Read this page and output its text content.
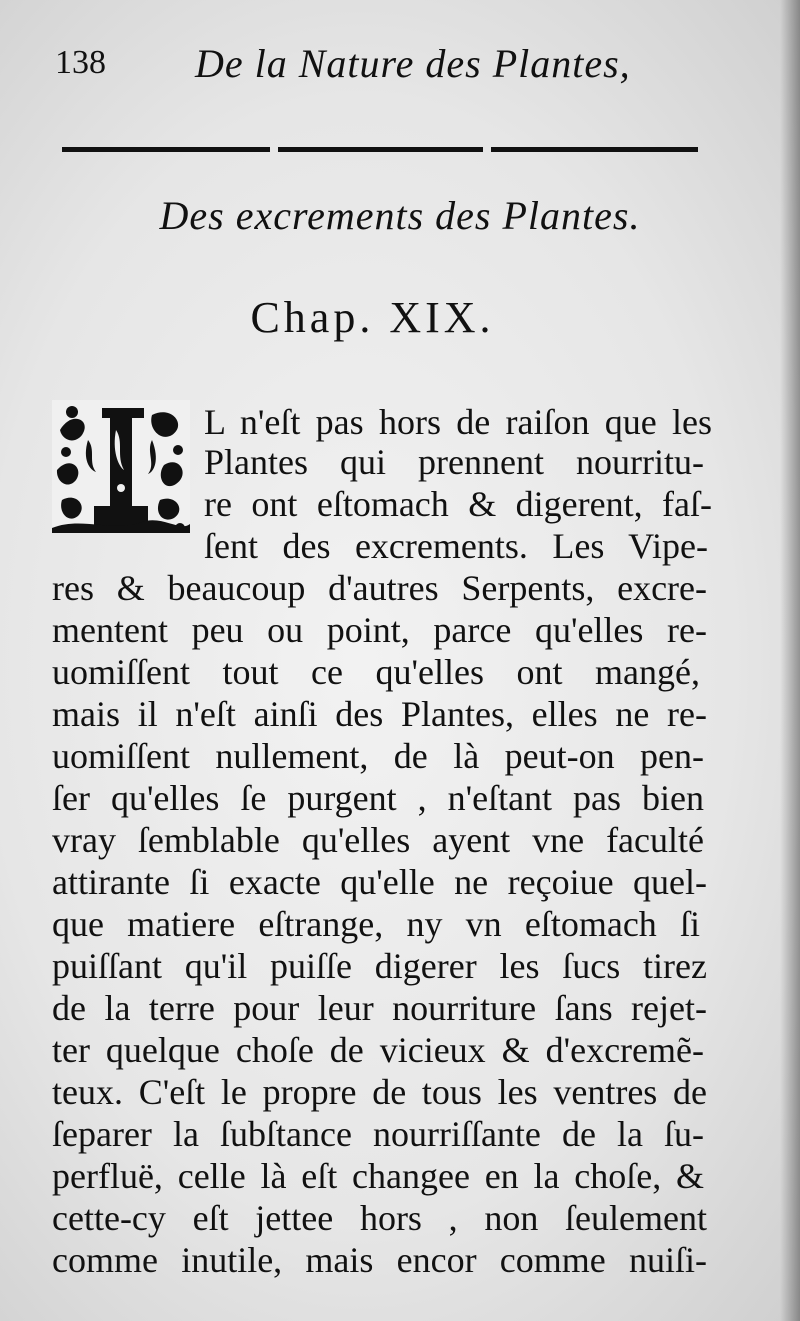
138 De la Nature des Plantes,
Des excrements des Plantes.
Chap. XIX.
L n'eſt pas hors de raiſon que les
Plantes qui prennent nourritu-
re ont eſtomach & digerent, faſ-
ſent des excrements. Les Vipe-
res & beaucoup d'autres Serpents, excre-
mentent peu ou point, parce qu'elles re-
uomiſſent tout ce qu'elles ont mangé,
mais il n'eſt ainſi des Plantes, elles ne re-
uomiſſent nullement, de là peut-on pen-
ſer qu'elles ſe purgent , n'eſtant pas bien
vray ſemblable qu'elles ayent vne faculté
attirante ſi exacte qu'elle ne reçoiue quel-
que matiere eſtrange, ny vn eſtomach ſi
puiſſant qu'il puiſſe digerer les ſucs tirez
de la terre pour leur nourriture ſans rejet-
ter quelque choſe de vicieux & d'excremẽ-
teux. C'eſt le propre de tous les ventres de
ſeparer la ſubſtance nourriſſante de la ſu-
perfluë, celle là eſt changee en la choſe, &
cette-cy eſt jettee hors , non ſeulement
comme inutile, mais encor comme nuiſi-
